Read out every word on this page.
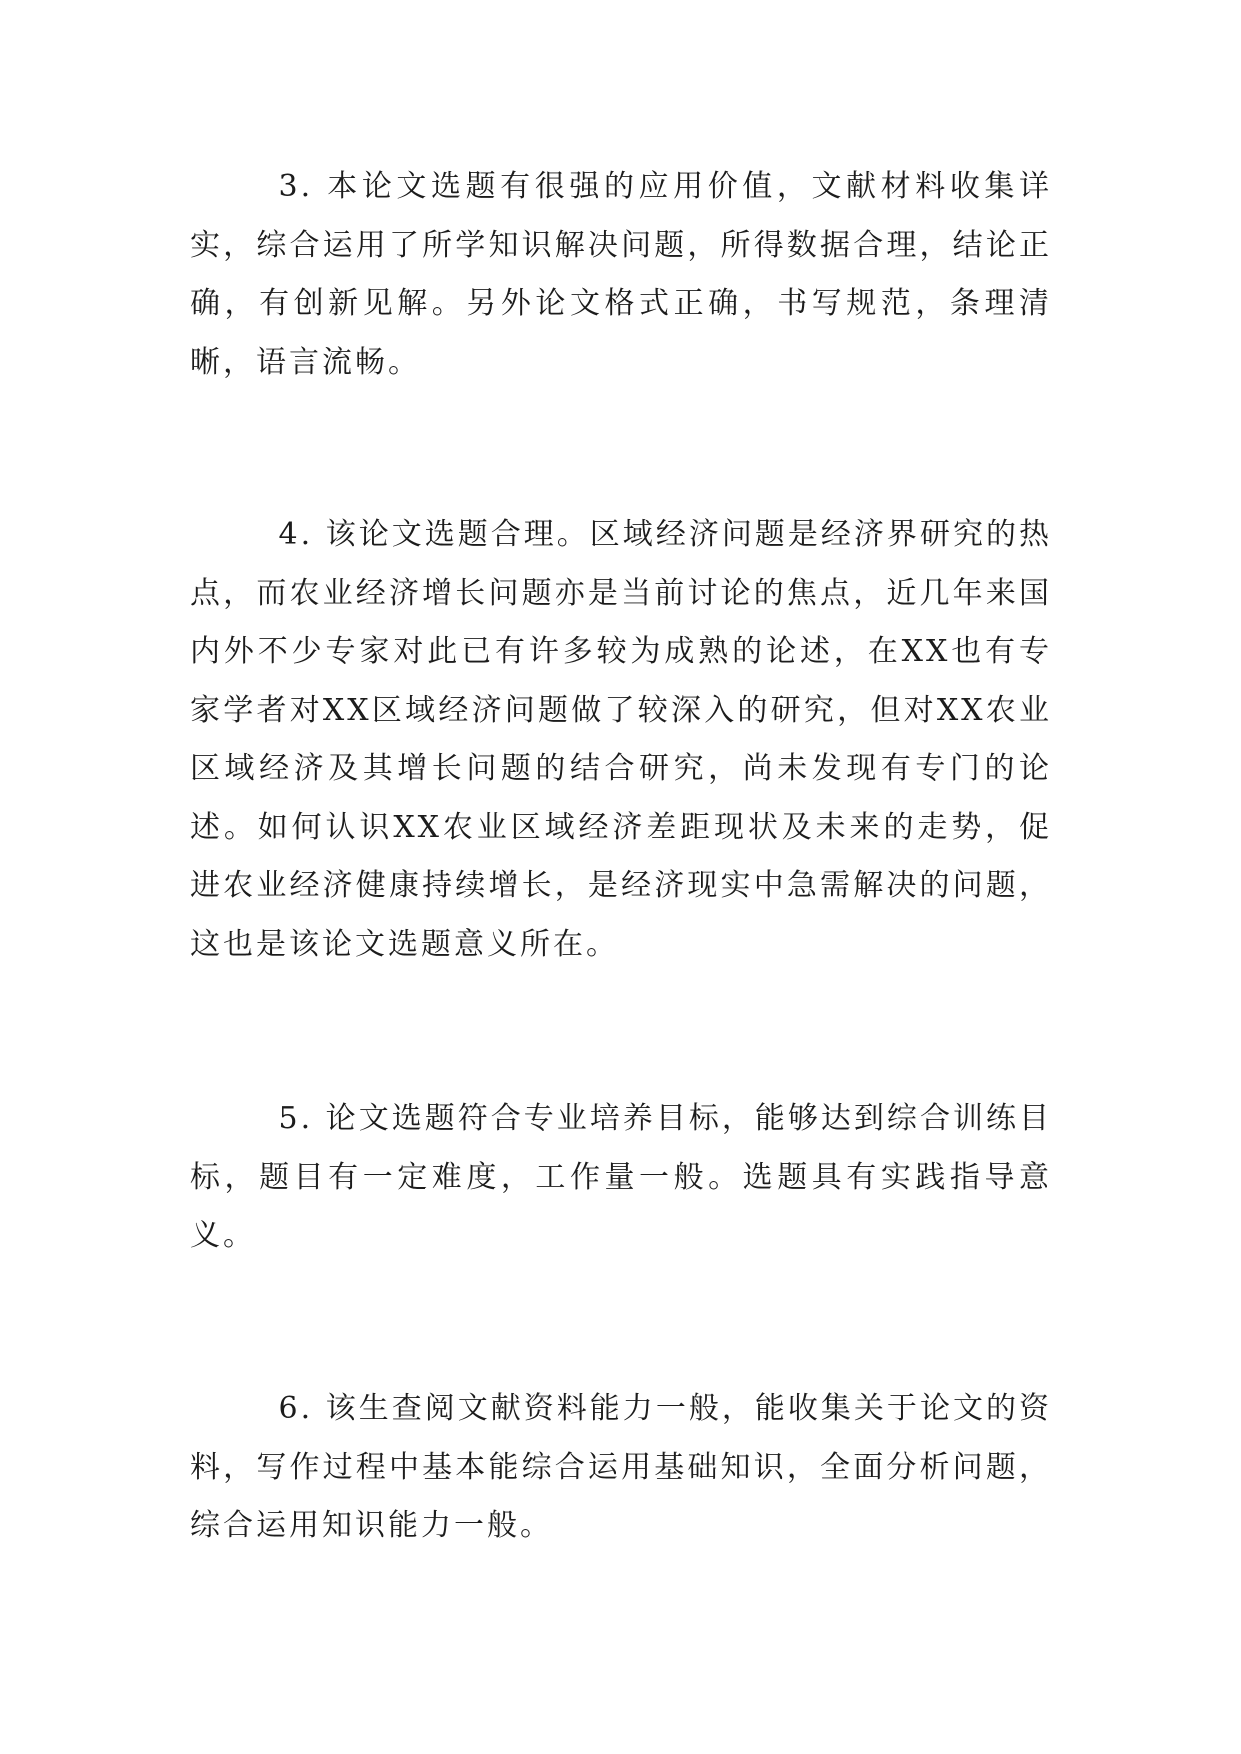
3. 本论文选题有很强的应用价值，文献材料收集详实，综合运用了所学知识解决问题，所得数据合理，结论正确，有创新见解。另外论文格式正确，书写规范，条理清晰，语言流畅。

4. 该论文选题合理。区域经济问题是经济界研究的热点，而农业经济增长问题亦是当前讨论的焦点，近几年来国内外不少专家对此已有许多较为成熟的论述，在XX也有专家学者对XX区域经济问题做了较深入的研究，但对XX农业区域经济及其增长问题的结合研究，尚未发现有专门的论述。如何认识XX农业区域经济差距现状及未来的走势，促进农业经济健康持续增长，是经济现实中急需解决的问题，这也是该论文选题意义所在。

5. 论文选题符合专业培养目标，能够达到综合训练目标，题目有一定难度，工作量一般。选题具有实践指导意义。

6. 该生查阅文献资料能力一般，能收集关于论文的资料，写作过程中基本能综合运用基础知识，全面分析问题，综合运用知识能力一般。
